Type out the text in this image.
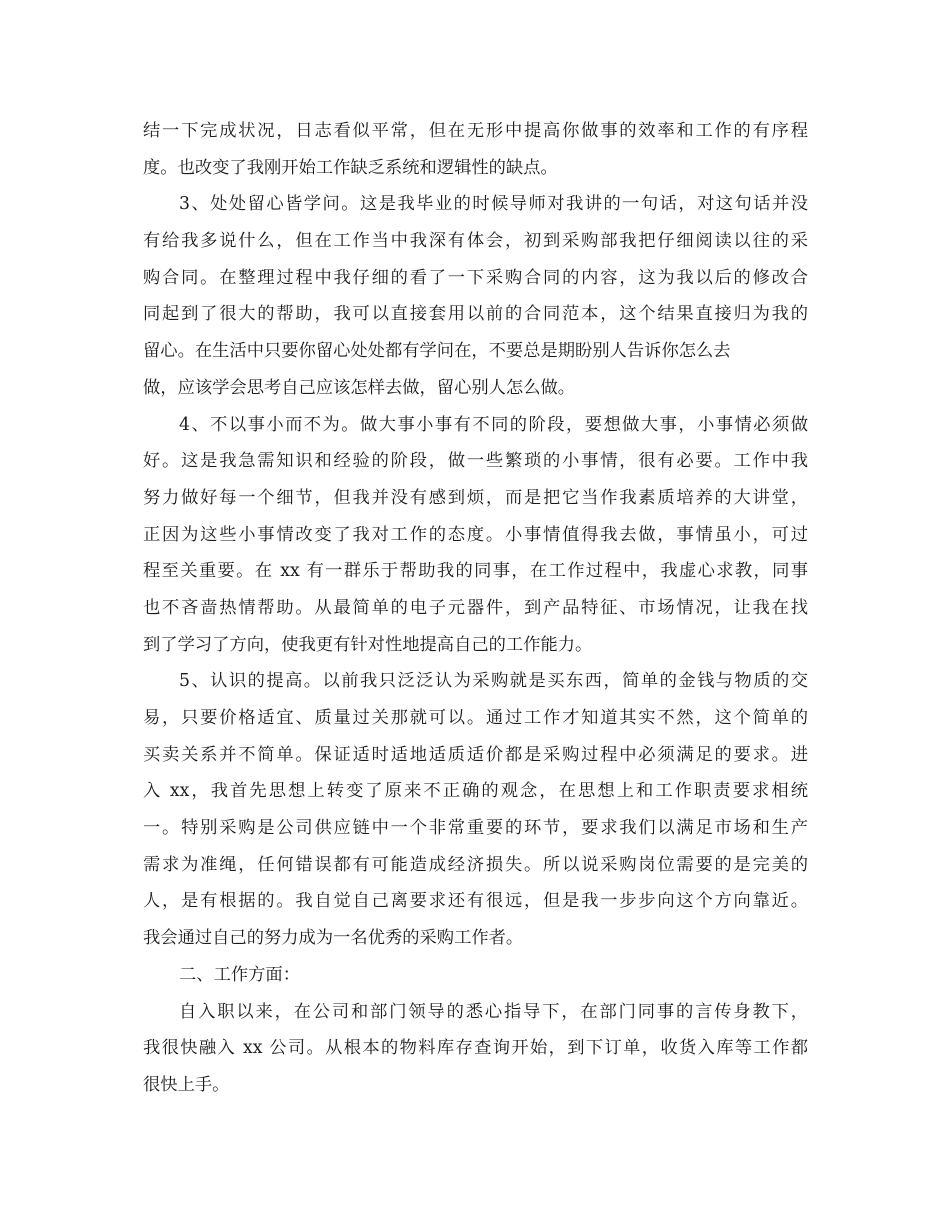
结一下完成状况，日志看似平常，但在无形中提高你做事的效率和工作的有序程
度。也改变了我刚开始工作缺乏系统和逻辑性的缺点。
3、处处留心皆学问。这是我毕业的时候导师对我讲的一句话，对这句话并没
有给我多说什么，但在工作当中我深有体会，初到采购部我把仔细阅读以往的采
购合同。在整理过程中我仔细的看了一下采购合同的内容，这为我以后的修改合
同起到了很大的帮助，我可以直接套用以前的合同范本，这个结果直接归为我的
留心。在生活中只要你留心处处都有学问在，不要总是期盼别人告诉你怎么去
做，应该学会思考自己应该怎样去做，留心别人怎么做。
4、不以事小而不为。做大事小事有不同的阶段，要想做大事，小事情必须做
好。这是我急需知识和经验的阶段，做一些繁琐的小事情，很有必要。工作中我
努力做好每一个细节，但我并没有感到烦，而是把它当作我素质培养的大讲堂，
正因为这些小事情改变了我对工作的态度。小事情值得我去做，事情虽小，可过
程至关重要。在 xx 有一群乐于帮助我的同事，在工作过程中，我虚心求教，同事
也不吝啬热情帮助。从最简单的电子元器件，到产品特征、市场情况，让我在找
到了学习了方向，使我更有针对性地提高自己的工作能力。
5、认识的提高。以前我只泛泛认为采购就是买东西，简单的金钱与物质的交
易，只要价格适宜、质量过关那就可以。通过工作才知道其实不然，这个简单的
买卖关系并不简单。保证适时适地适质适价都是采购过程中必须满足的要求。进
入 xx，我首先思想上转变了原来不正确的观念，在思想上和工作职责要求相统
一。特别采购是公司供应链中一个非常重要的环节，要求我们以满足市场和生产
需求为准绳，任何错误都有可能造成经济损失。所以说采购岗位需要的是完美的
人，是有根据的。我自觉自己离要求还有很远，但是我一步步向这个方向靠近。
我会通过自己的努力成为一名优秀的采购工作者。
二、工作方面：
自入职以来，在公司和部门领导的悉心指导下，在部门同事的言传身教下，
我很快融入 xx 公司。从根本的物料库存查询开始，到下订单，收货入库等工作都
很快上手。
